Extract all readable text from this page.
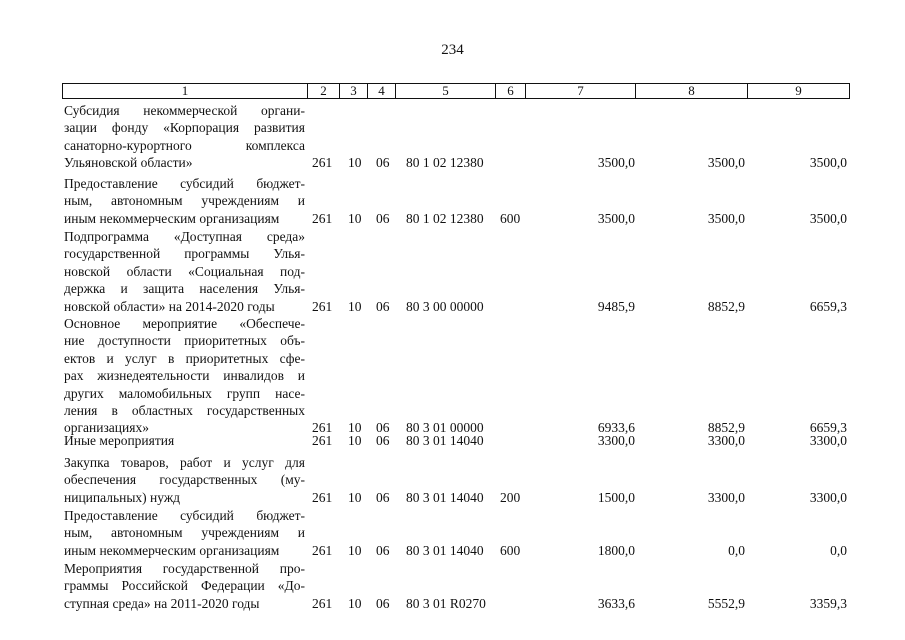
234
1	2	3	4	5	6	7	8	9
Субсидия некоммерческой органи-
зации фонду «Корпорация развития
санаторно-курортного комплекса
Ульяновской области»	261 10 06 80 1 02 12380	3500,0	3500,0	3500,0
Предоставление субсидий бюджет-
ным, автономным учреждениям и
иным некоммерческим организациям	261 10 06 80 1 02 12380 600	3500,0	3500,0	3500,0
Подпрограмма «Доступная среда»
государственной программы Улья-
новской области «Социальная под-
держка и защита населения Улья-
новской области» на 2014-2020 годы	261 10 06 80 3 00 00000	9485,9	8852,9	6659,3
Основное мероприятие «Обеспече-
ние доступности приоритетных объ-
ектов и услуг в приоритетных сфе-
рах жизнедеятельности инвалидов и
других маломобильных групп насе-
ления в областных государственных
организациях»	261 10 06 80 3 01 00000	6933,6	8852,9	6659,3
Иные мероприятия	261 10 06 80 3 01 14040	3300,0	3300,0	3300,0
Закупка товаров, работ и услуг для
обеспечения государственных (му-
ниципальных) нужд	261 10 06 80 3 01 14040 200	1500,0	3300,0	3300,0
Предоставление субсидий бюджет-
ным, автономным учреждениям и
иным некоммерческим организациям	261 10 06 80 3 01 14040 600	1800,0	0,0	0,0
Мероприятия государственной про-
граммы Российской Федерации «До-
ступная среда» на 2011-2020 годы	261 10 06 80 3 01 R0270	3633,6	5552,9	3359,3
